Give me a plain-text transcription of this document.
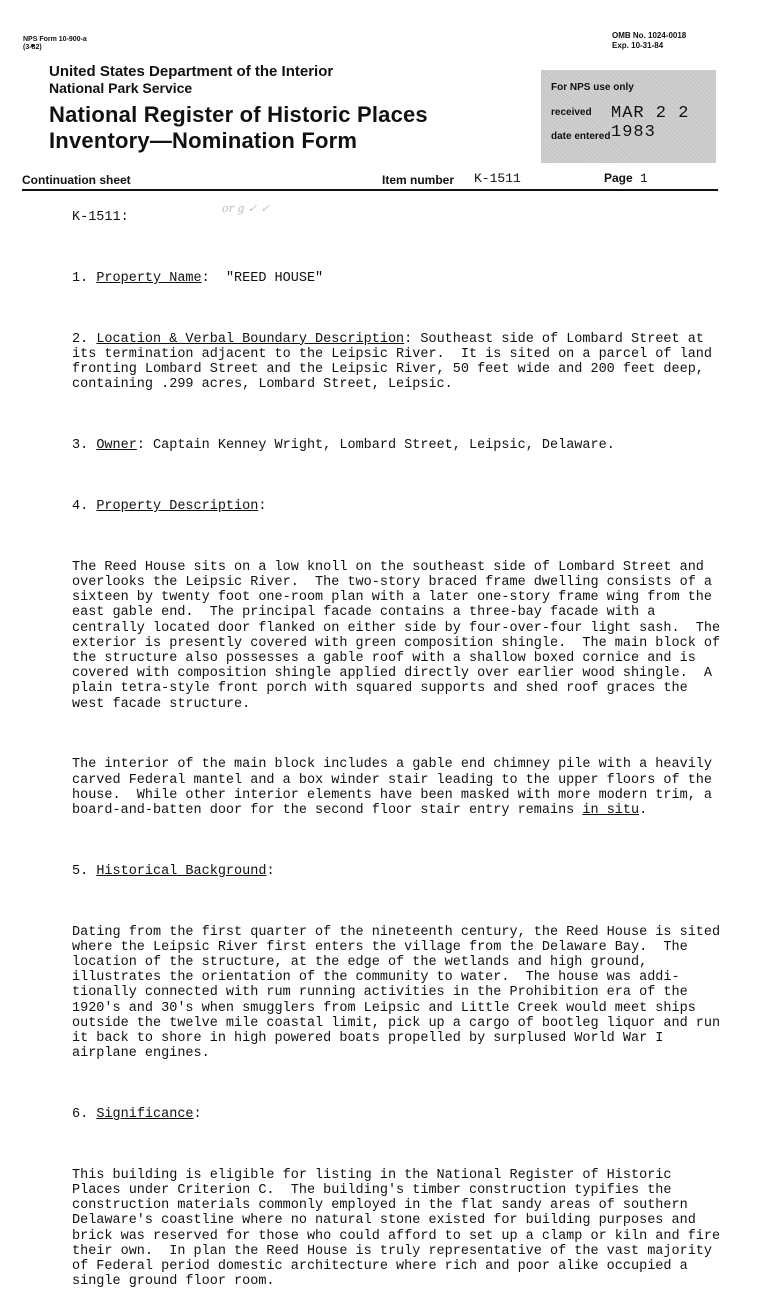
NPS Form 10-900-a
(3-82)
OMB No. 1024-0018
Exp. 10-31-84
United States Department of the Interior
National Park Service
National Register of Historic Places
Inventory—Nomination Form
For NPS use only
received MAR 2 2 1983
date entered
Continuation sheet	Item number K-1511	Page 1
or g ✓ ✓

K-1511:

1. Property Name:  "REED HOUSE"

2. Location & Verbal Boundary Description: Southeast side of Lombard Street at
its termination adjacent to the Leipsic River.  It is sited on a parcel of land
fronting Lombard Street and the Leipsic River, 50 feet wide and 200 feet deep,
containing .299 acres, Lombard Street, Leipsic.

3. Owner: Captain Kenney Wright, Lombard Street, Leipsic, Delaware.

4. Property Description:

The Reed House sits on a low knoll on the southeast side of Lombard Street and
overlooks the Leipsic River.  The two-story braced frame dwelling consists of a
sixteen by twenty foot one-room plan with a later one-story frame wing from the
east gable end.  The principal facade contains a three-bay facade with a
centrally located door flanked on either side by four-over-four light sash.  The
exterior is presently covered with green composition shingle.  The main block of
the structure also possesses a gable roof with a shallow boxed cornice and is
covered with composition shingle applied directly over earlier wood shingle.  A
plain tetra-style front porch with squared supports and shed roof graces the
west facade structure.

The interior of the main block includes a gable end chimney pile with a heavily
carved Federal mantel and a box winder stair leading to the upper floors of the
house.  While other interior elements have been masked with more modern trim, a
board-and-batten door for the second floor stair entry remains in situ.

5. Historical Background:

Dating from the first quarter of the nineteenth century, the Reed House is sited
where the Leipsic River first enters the village from the Delaware Bay.  The
location of the structure, at the edge of the wetlands and high ground,
illustrates the orientation of the community to water.  The house was addi-
tionally connected with rum running activities in the Prohibition era of the
1920's and 30's when smugglers from Leipsic and Little Creek would meet ships
outside the twelve mile coastal limit, pick up a cargo of bootleg liquor and run
it back to shore in high powered boats propelled by surplused World War I
airplane engines.

6. Significance:

This building is eligible for listing in the National Register of Historic
Places under Criterion C.  The building's timber construction typifies the
construction materials commonly employed in the flat sandy areas of southern
Delaware's coastline where no natural stone existed for building purposes and
brick was reserved for those who could afford to set up a clamp or kiln and fire
their own.  In plan the Reed House is truly representative of the vast majority
of Federal period domestic architecture where rich and poor alike occupied a
single ground floor room.
